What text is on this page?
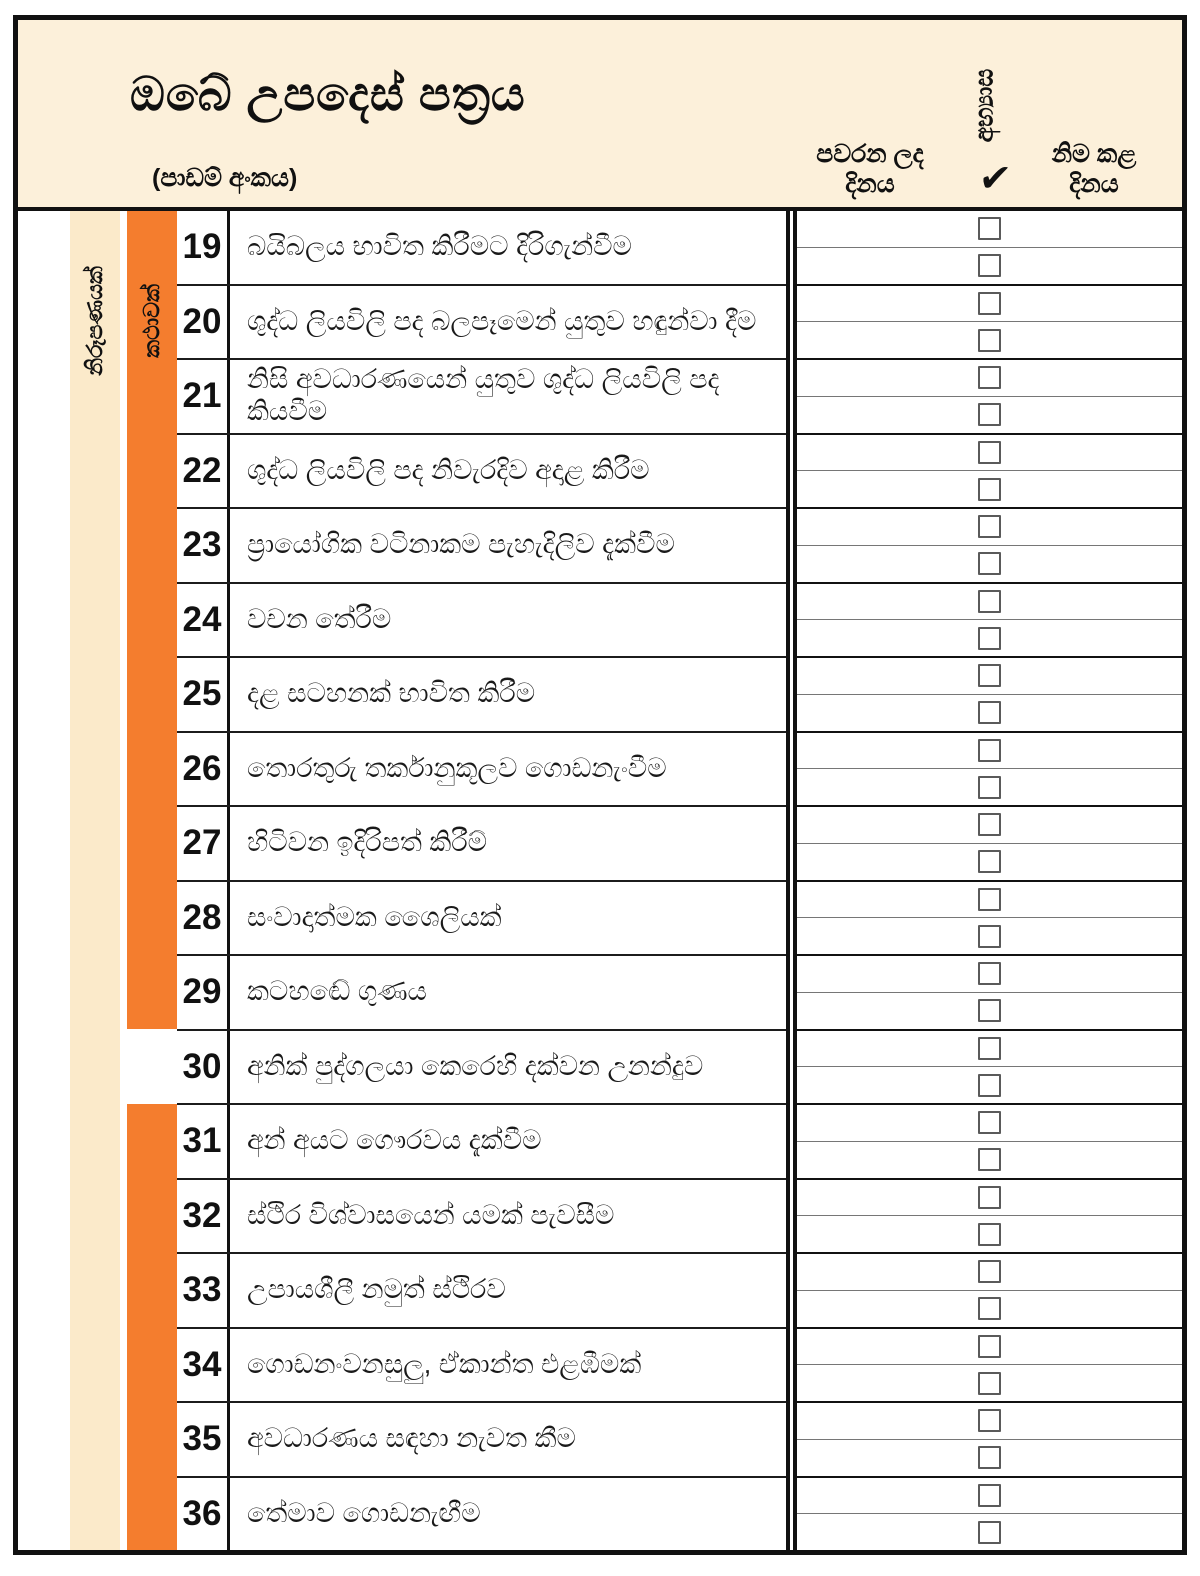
ඔබේ උපදෙස් පත්‍රය
(පාඩම් අංකය)
පවරන ලද
දිනය
අභ්‍යාස
✔
නිම කළ
දිනය
නිරූපණයක් කථාවක්
19 බයිබලය භාවිත කිරීමට දිරිගැන්වීම
20 ශුද්ධ ලියවිලි පද බලපෑමෙන් යුතුව හඳුන්වා දීම
21 නිසි අවධාරණයෙන් යුතුව ශුද්ධ ලියවිලි පද කියවීම
22 ශුද්ධ ලියවිලි පද නිවැරදිව අදාළ කිරීම
23 ප්‍රායෝගික වටිනාකම පැහැදිලිව දැක්වීම
24 වචන තේරීම
25 දළ සටහනක් භාවිත කිරීම
26 තොරතුරු තර්කානුකූලව ගොඩනැංවීම
27 හිටිවන ඉදිරිපත් කිරීම්
28 සංවාදාත්මක ශෛලියක්
29 කටහඬේ ගුණය
30 අනික් පුද්ගලයා කෙරෙහි දක්වන උනන්දුව
31 අන් අයට ගෞරවය දැක්වීම
32 ස්ථිර විශ්වාසයෙන් යමක් පැවසීම
33 උපායශීලී නමුත් ස්ථිරව
34 ගොඩනංවනසුලු, ඒකාන්ත එළඹීමක්
35 අවධාරණය සඳහා නැවත කීම
36 තේමාව ගොඩනැඟීම
